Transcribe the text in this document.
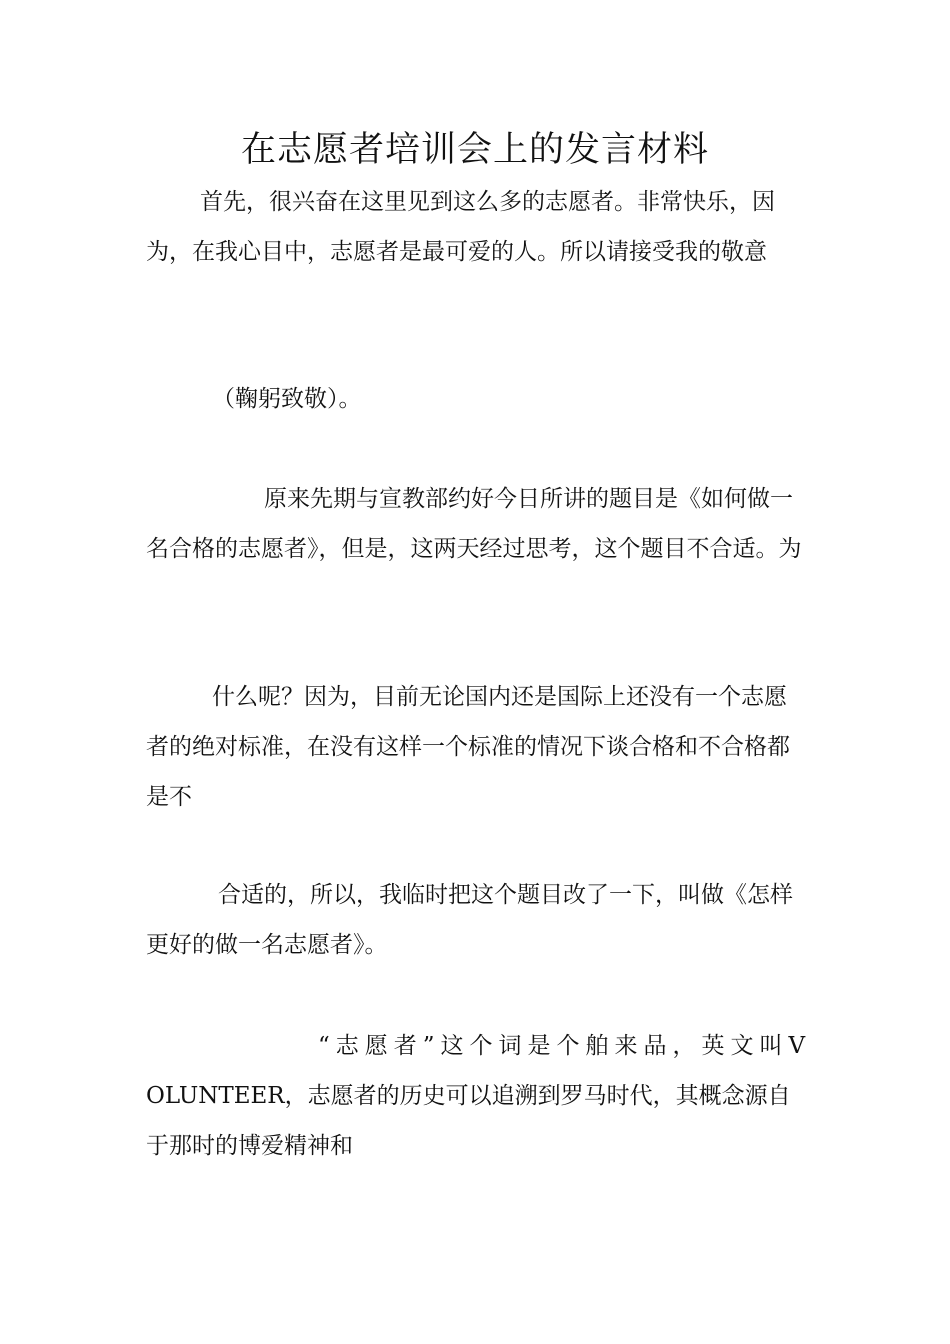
在志愿者培训会上的发言材料

首先，很兴奋在这里见到这么多的志愿者。非常快乐，因为，在我心目中，志愿者是最可爱的人。所以请接受我的敬意

（鞠躬致敬）。

原来先期与宣教部约好今日所讲的题目是《如何做一名合格的志愿者》，但是，这两天经过思考，这个题目不合适。为

什么呢？因为，目前无论国内还是国际上还没有一个志愿者的绝对标准，在没有这样一个标准的情况下谈合格和不合格都是不

合适的，所以，我临时把这个题目改了一下，叫做《怎样更好的做一名志愿者》。

“志愿者”这个词是个舶来品，英文叫VOLUNTEER，志愿者的历史可以追溯到罗马时代，其概念源自于那时的博爱精神和
